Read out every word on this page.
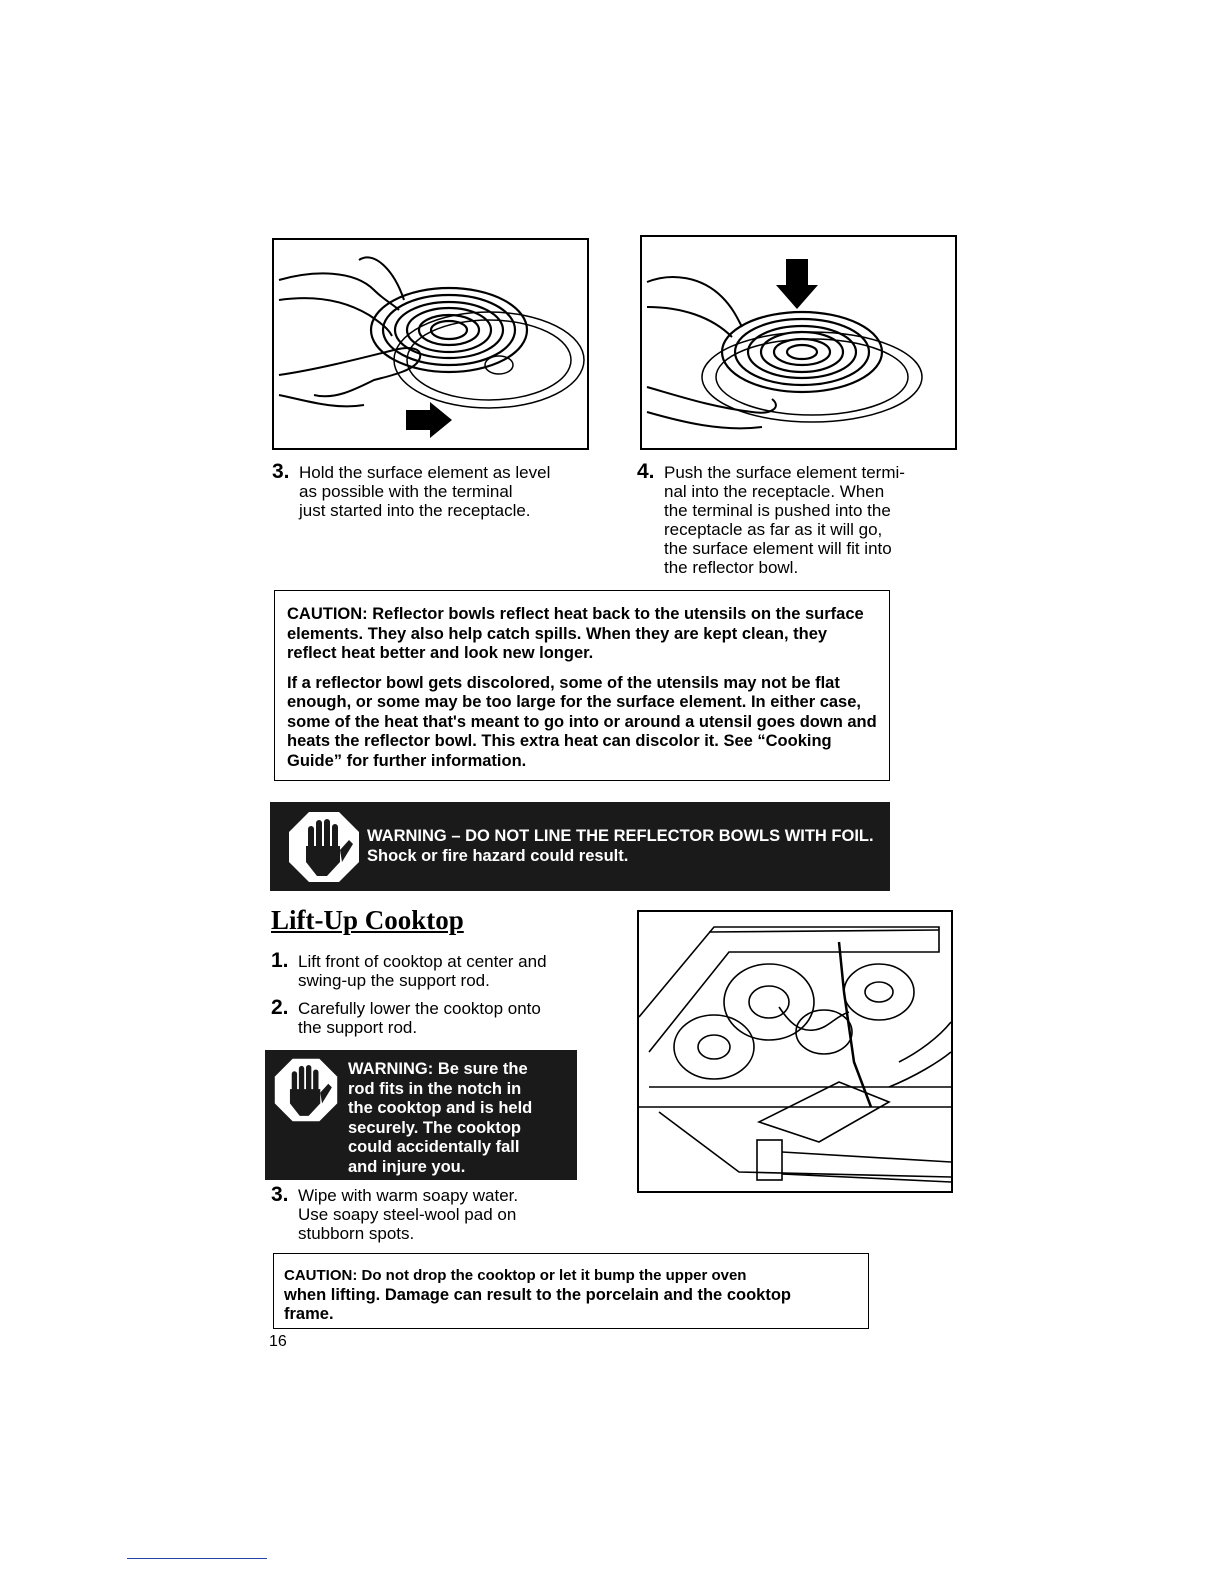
3. Hold the surface element as level
as possible with the terminal
just started into the receptacle.
4. Push the surface element termi-
nal into the receptacle. When
the terminal is pushed into the
receptacle as far as it will go,
the surface element will fit into
the reflector bowl.

CAUTION: Reflector bowls reflect heat back to the utensils on the surface elements. They also help catch spills. When they are kept clean, they reflect heat better and look new longer.

If a reflector bowl gets discolored, some of the utensils may not be flat enough, or some may be too large for the surface element. In either case, some of the heat that's meant to go into or around a utensil goes down and heats the reflector bowl. This extra heat can discolor it. See “Cooking Guide” for further information.

WARNING – DO NOT LINE THE REFLECTOR BOWLS WITH FOIL.
Shock or fire hazard could result.
Lift-Up Cooktop
1. Lift front of cooktop at center and
swing-up the support rod.
2. Carefully lower the cooktop onto
the support rod.
WARNING: Be sure the
rod fits in the notch in
the cooktop and is held
securely. The cooktop
could accidentally fall
and injure you.
3. Wipe with warm soapy water.
Use soapy steel-wool pad on
stubborn spots.
CAUTION: Do not drop the cooktop or let it bump the upper oven
when lifting. Damage can result to the porcelain and the cooktop
frame.
16
